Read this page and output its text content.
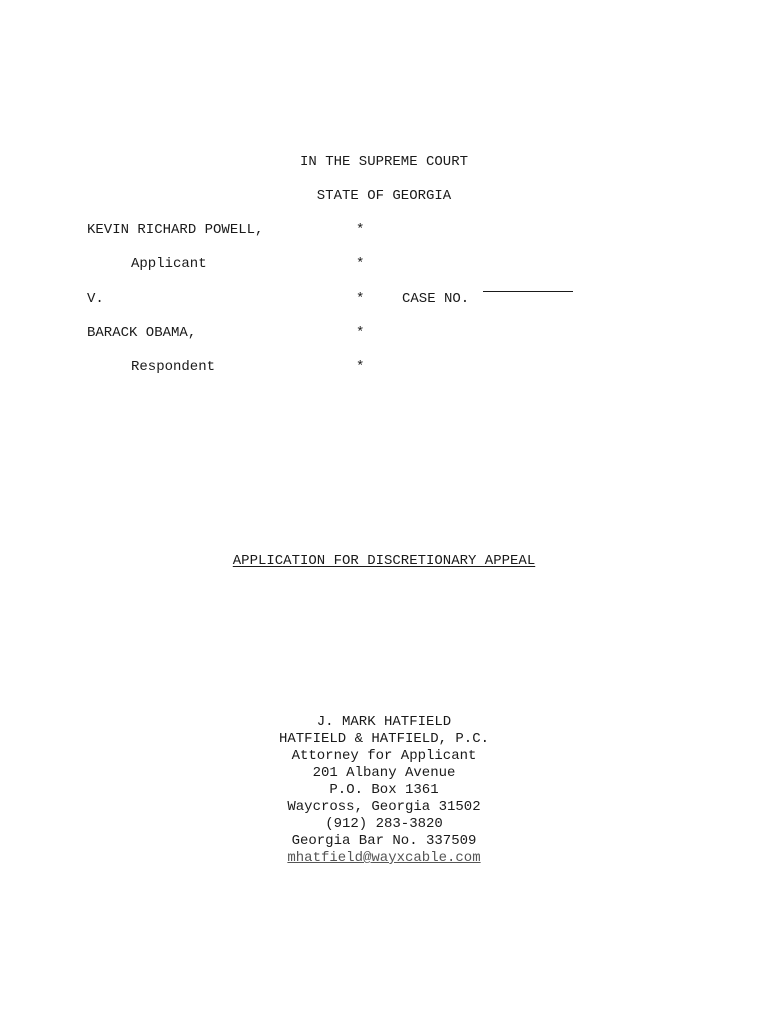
IN THE SUPREME COURT
STATE OF GEORGIA
KEVIN RICHARD POWELL,	*
Applicant	*
V.	*	CASE NO.
BARACK OBAMA,	*
Respondent	*
APPLICATION FOR DISCRETIONARY APPEAL
J. MARK HATFIELD
HATFIELD & HATFIELD, P.C.
Attorney for Applicant
201 Albany Avenue
P.O. Box 1361
Waycross, Georgia 31502
(912) 283-3820
Georgia Bar No. 337509
mhatfield@wayxcable.com
